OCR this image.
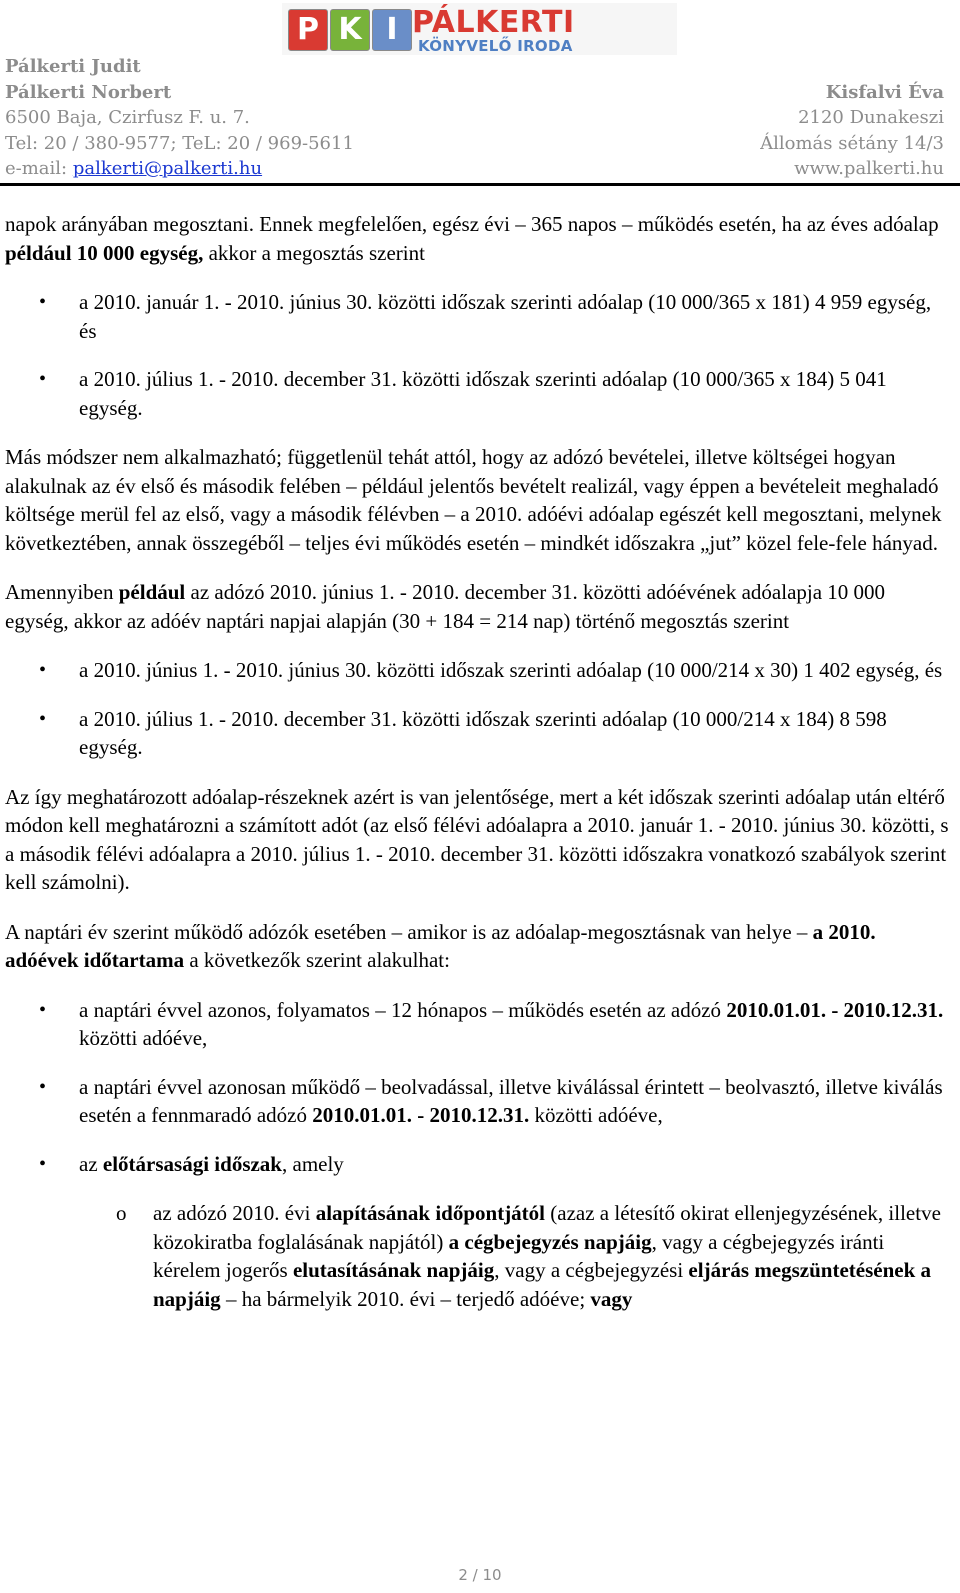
P K I PÁLKERTI
KÖNYVELŐ IRODA
Pálkerti Judit
Pálkerti Norbert
6500 Baja, Czirfusz F. u. 7.
Tel: 20 / 380-9577; TeL: 20 / 969-5611
e-mail: palkerti@palkerti.hu

Kisfalvi Éva
2120 Dunakeszi
Állomás sétány 14/3
www.palkerti.hu

napok arányában megosztani. Ennek megfelelően, egész évi – 365 napos – működés esetén, ha az éves adóalap például 10 000 egység, akkor a megosztás szerint

• a 2010. január 1. - 2010. június 30. közötti időszak szerinti adóalap (10 000/365 x 181) 4 959 egység, és
• a 2010. július 1. - 2010. december 31. közötti időszak szerinti adóalap (10 000/365 x 184) 5 041 egység.

Más módszer nem alkalmazható; függetlenül tehát attól, hogy az adózó bevételei, illetve költségei hogyan alakulnak az év első és második felében – például jelentős bevételt realizál, vagy éppen a bevételeit meghaladó költsége merül fel az első, vagy a második félévben – a 2010. adóévi adóalap egészét kell megosztani, melynek következtében, annak összegéből – teljes évi működés esetén – mindkét időszakra „jut” közel fele-fele hányad.

Amennyiben például az adózó 2010. június 1. - 2010. december 31. közötti adóévének adóalapja 10 000 egység, akkor az adóév naptári napjai alapján (30 + 184 = 214 nap) történő megosztás szerint

• a 2010. június 1. - 2010. június 30. közötti időszak szerinti adóalap (10 000/214 x 30) 1 402 egység, és
• a 2010. július 1. - 2010. december 31. közötti időszak szerinti adóalap (10 000/214 x 184) 8 598 egység.

Az így meghatározott adóalap-részeknek azért is van jelentősége, mert a két időszak szerinti adóalap után eltérő módon kell meghatározni a számított adót (az első félévi adóalapra a 2010. január 1. - 2010. június 30. közötti, s a második félévi adóalapra a 2010. július 1. - 2010. december 31. közötti időszakra vonatkozó szabályok szerint kell számolni).

A naptári év szerint működő adózók esetében – amikor is az adóalap-megosztásnak van helye – a 2010. adóévek időtartama a következők szerint alakulhat:

• a naptári évvel azonos, folyamatos – 12 hónapos – működés esetén az adózó 2010.01.01. - 2010.12.31. közötti adóéve,
• a naptári évvel azonosan működő – beolvadással, illetve kiválással érintett – beolvasztó, illetve kiválás esetén a fennmaradó adózó 2010.01.01. - 2010.12.31. közötti adóéve,
• az előtársasági időszak, amely
o az adózó 2010. évi alapításának időpontjától (azaz a létesítő okirat ellenjegyzésének, illetve közokiratba foglalásának napjától) a cégbejegyzés napjáig, vagy a cégbejegyzés iránti kérelem jogerős elutasításának napjáig, vagy a cégbejegyzési eljárás megszüntetésének a napjáig – ha bármelyik 2010. évi – terjedő adóéve; vagy
2 / 10
